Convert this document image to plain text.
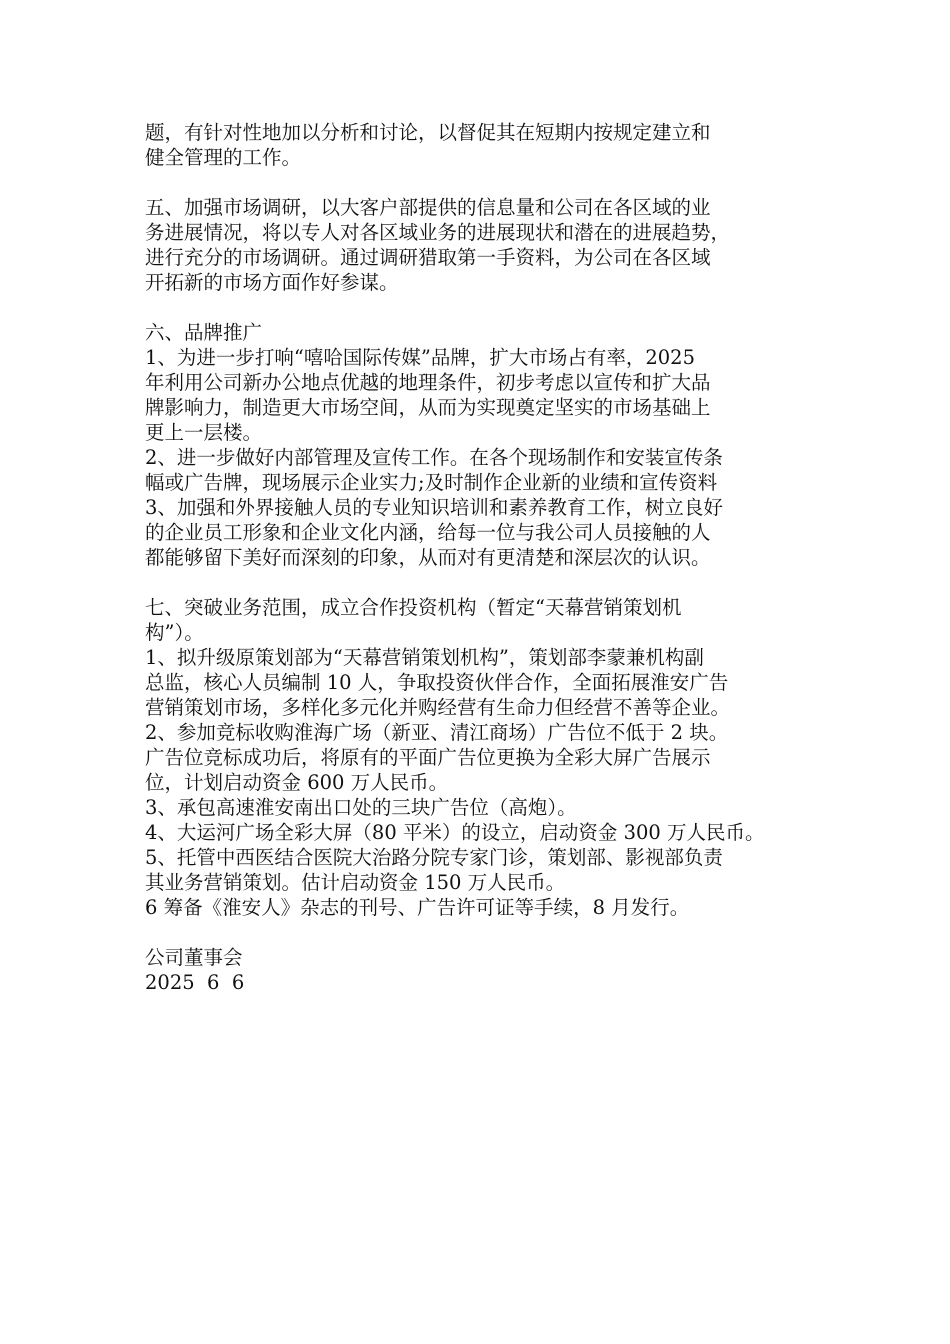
题，有针对性地加以分析和讨论，以督促其在短期内按规定建立和
健全管理的工作。
五、加强市场调研，以大客户部提供的信息量和公司在各区域的业
务进展情况，将以专人对各区域业务的进展现状和潜在的进展趋势，
进行充分的市场调研。通过调研猎取第一手资料，为公司在各区域
开拓新的市场方面作好参谋。
六、品牌推广
1、为进一步打响“嘻哈国际传媒”品牌，扩大市场占有率，2025
年利用公司新办公地点优越的地理条件，初步考虑以宣传和扩大品
牌影响力，制造更大市场空间，从而为实现奠定坚实的市场基础上
更上一层楼。
2、进一步做好内部管理及宣传工作。在各个现场制作和安装宣传条
幅或广告牌，现场展示企业实力;及时制作企业新的业绩和宣传资料
3、加强和外界接触人员的专业知识培训和素养教育工作，树立良好
的企业员工形象和企业文化内涵，给每一位与我公司人员接触的人
都能够留下美好而深刻的印象，从而对有更清楚和深层次的认识。
七、突破业务范围，成立合作投资机构（暂定“天幕营销策划机
构”）。
1、拟升级原策划部为“天幕营销策划机构”，策划部李蒙兼机构副
总监，核心人员编制 10 人，争取投资伙伴合作，全面拓展淮安广告
营销策划市场，多样化多元化并购经营有生命力但经营不善等企业。
2、参加竞标收购淮海广场（新亚、清江商场）广告位不低于 2 块。
广告位竞标成功后，将原有的平面广告位更换为全彩大屏广告展示
位，计划启动资金 600 万人民币。
3、承包高速淮安南出口处的三块广告位（高炮）。
4、大运河广场全彩大屏（80 平米）的设立，启动资金 300 万人民币。
5、托管中西医结合医院大治路分院专家门诊，策划部、影视部负责
其业务营销策划。估计启动资金 150 万人民币。
6 筹备《淮安人》杂志的刊号、广告许可证等手续，8 月发行。
公司董事会
2025  6  6
